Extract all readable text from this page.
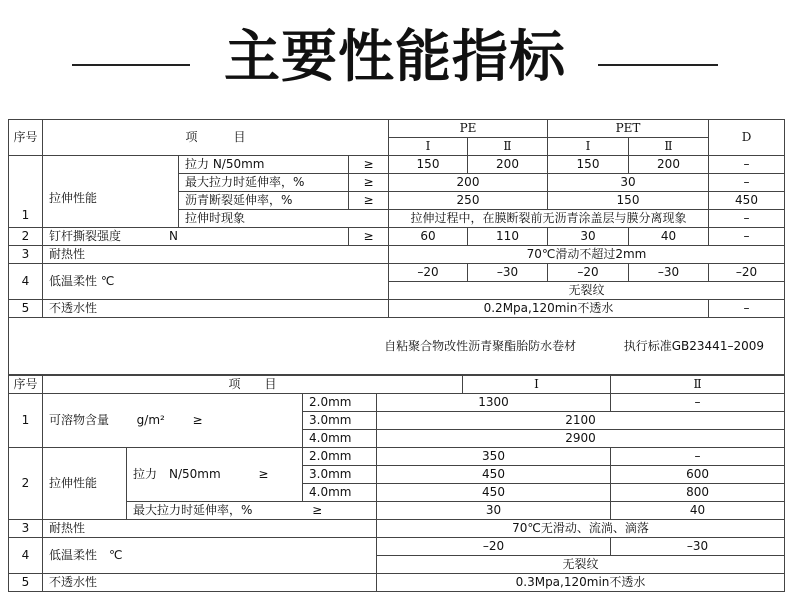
主要性能指标
序号	项　　　目			PE		PET		D
				I	Ⅱ	I	Ⅱ	
1	拉伸性能	拉力 N/50mm	≥	150	200	150	200	–
		最大拉力时延伸率，%	≥	200		30		–
		沥青断裂延伸率，%	≥	250		150		450
		拉伸时现象		拉伸过程中，在膜断裂前无沥青涂盖层与膜分离现象				–
2	钉杆撕裂强度　　　　N		≥	60	110	30	40	–
3	耐热性			70℃滑动不超过2mm				
4	低温柔性 ℃			–20	–30	–20	–30	–20
				无裂纹				
5	不透水性			0.2Mpa,120min不透水				–
自粘聚合物改性沥青聚酯胎防水卷材 执行标准GB23441–2009								
序号	项　　目				I	Ⅱ
1	可溶物含量 g/m² ≥		2.0mm	1300		–
			3.0mm	2100		
			4.0mm	2900		
2	拉伸性能	拉力　N/50mm ≥	2.0mm	350		–
			3.0mm	450		600
			4.0mm	450		800
		最大拉力时延伸率，% ≥		30		40
3	耐热性			70℃无滑动、流淌、滴落		
4	低温柔性　℃			–20		–30
				无裂纹		
5	不透水性			0.3Mpa,120min不透水		
